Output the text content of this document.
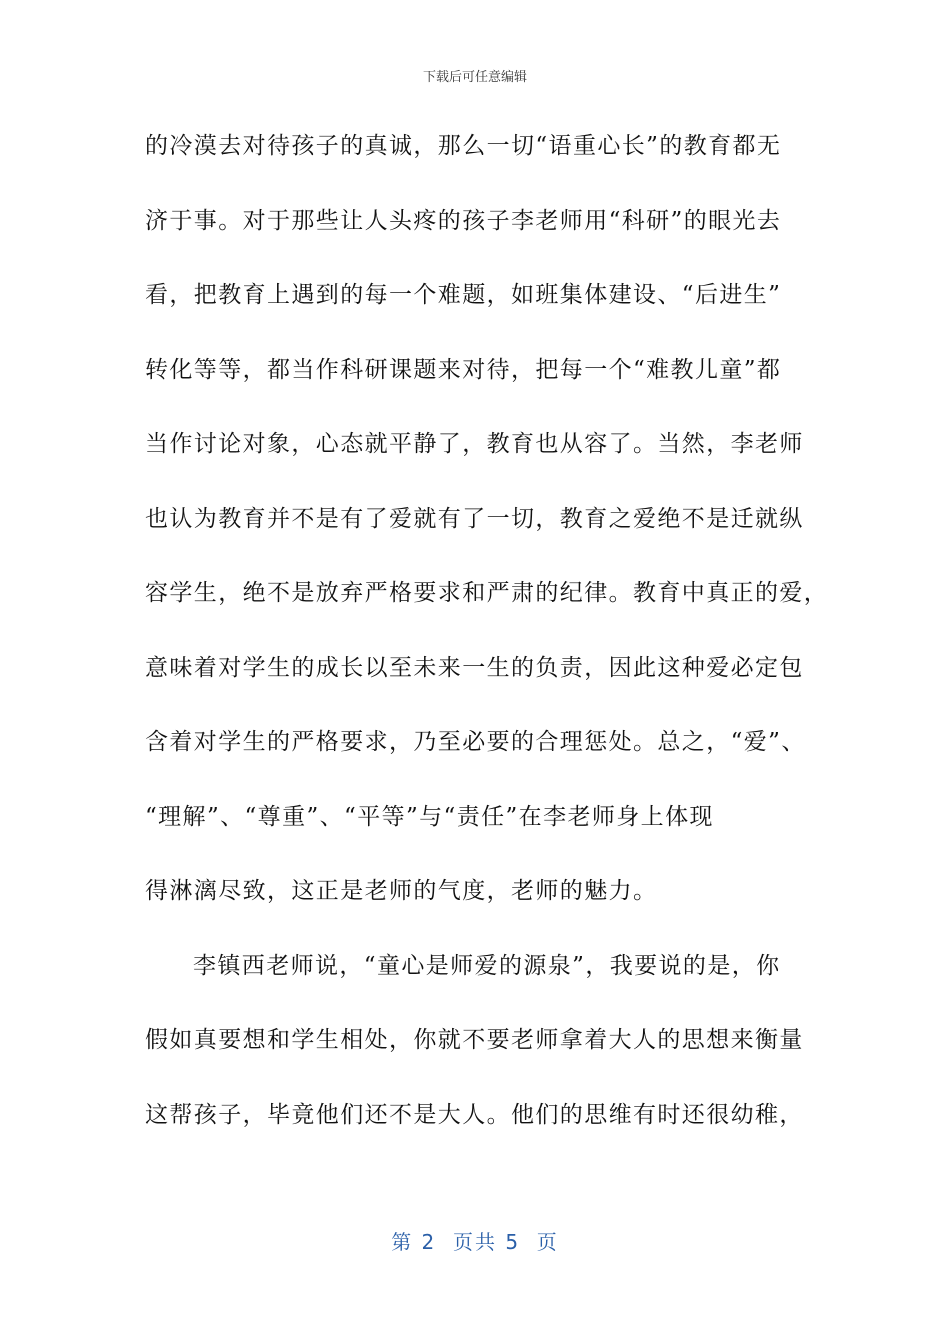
下载后可任意编辑
的冷漠去对待孩子的真诚，那么一切“语重心长”的教育都无
济于事。对于那些让人头疼的孩子李老师用“科研”的眼光去
看，把教育上遇到的每一个难题，如班集体建设、“后进生”
转化等等，都当作科研课题来对待，把每一个“难教儿童”都
当作讨论对象，心态就平静了，教育也从容了。当然，李老师
也认为教育并不是有了爱就有了一切，教育之爱绝不是迁就纵
容学生，绝不是放弃严格要求和严肃的纪律。教育中真正的爱，
意味着对学生的成长以至未来一生的负责，因此这种爱必定包
含着对学生的严格要求，乃至必要的合理惩处。总之，“爱”、
“理解”、“尊重”、“平等”与“责任”在李老师身上体现
得淋漓尽致，这正是老师的气度，老师的魅力。
李镇西老师说，“童心是师爱的源泉”，我要说的是，你
假如真要想和学生相处，你就不要老师拿着大人的思想来衡量
这帮孩子，毕竟他们还不是大人。他们的思维有时还很幼稚，
第 2  页共 5  页
